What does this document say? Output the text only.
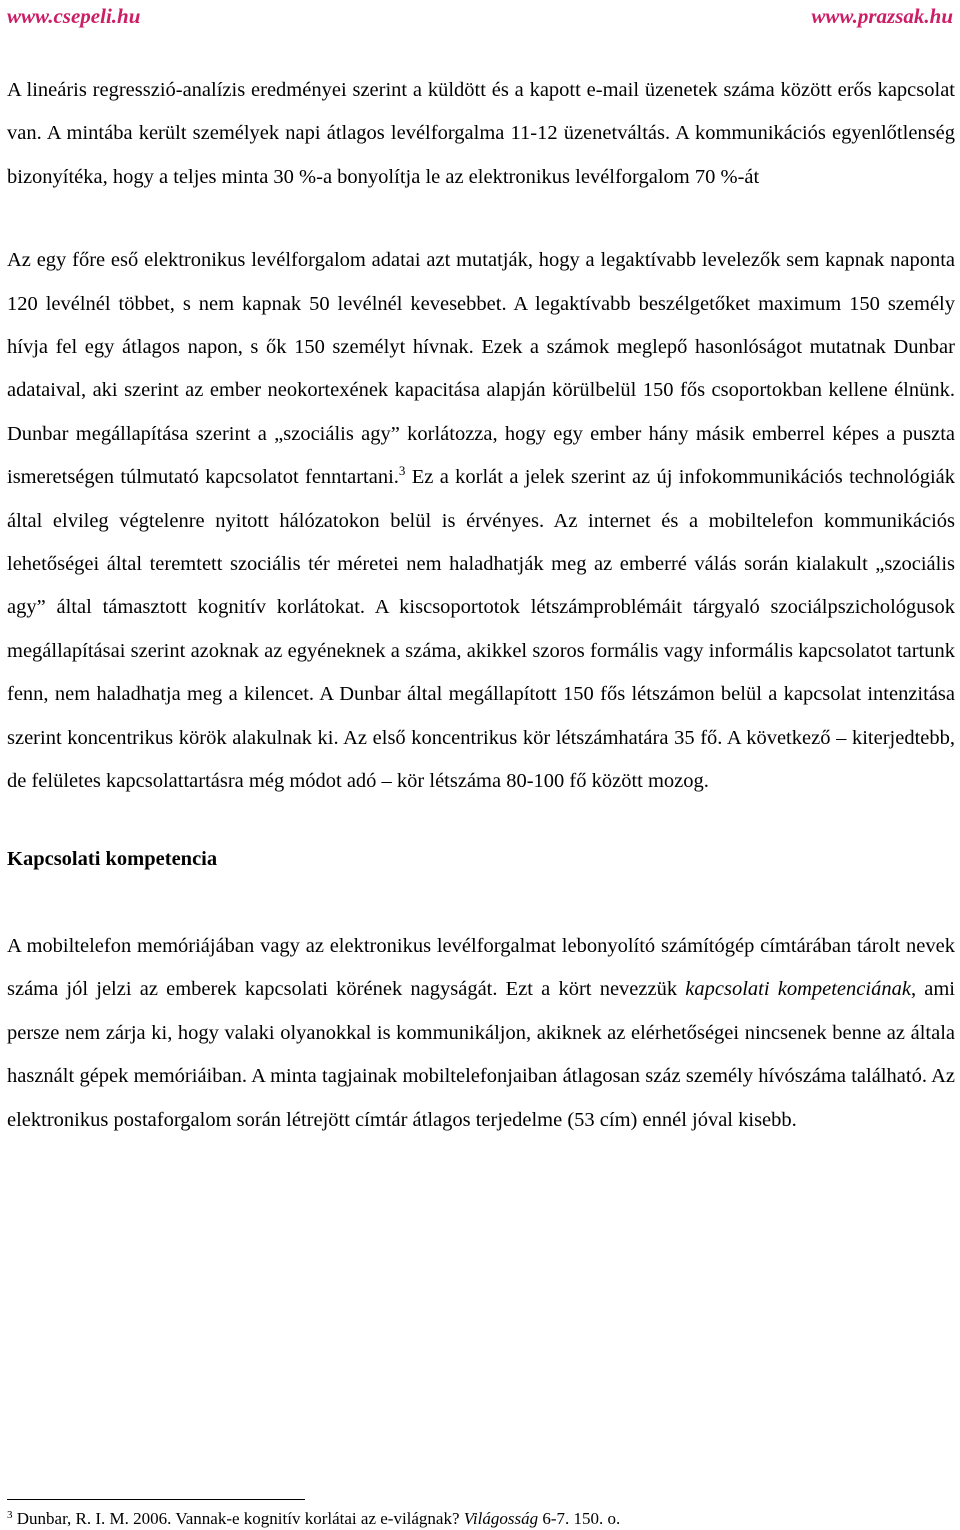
www.csepeli.hu	www.prazsak.hu

A lineáris regresszió-analízis eredményei szerint a küldött és a kapott e-mail üzenetek száma között erős kapcsolat van. A mintába került személyek napi átlagos levélforgalma 11-12 üzenetváltás. A kommunikációs egyenlőtlenség bizonyítéka, hogy a teljes minta 30 %-a bonyolítja le az elektronikus levélforgalom 70 %-át

Az egy főre eső elektronikus levélforgalom adatai azt mutatják, hogy a legaktívabb levelezők sem kapnak naponta 120 levélnél többet, s nem kapnak 50 levélnél kevesebbet. A legaktívabb beszélgetőket maximum 150 személy hívja fel egy átlagos napon, s ők 150 személyt hívnak. Ezek a számok meglepő hasonlóságot mutatnak Dunbar adataival, aki szerint az ember neokortexének kapacitása alapján körülbelül 150 fős csoportokban kellene élnünk. Dunbar megállapítása szerint a „szociális agy” korlátozza, hogy egy ember hány másik emberrel képes a puszta ismeretségen túlmutató kapcsolatot fenntartani.$^3$ Ez a korlát a jelek szerint az új infokommunikációs technológiák által elvileg végtelenre nyitott hálózatokon belül is érvényes. Az internet és a mobiltelefon kommunikációs lehetőségei által teremtett szociális tér méretei nem haladhatják meg az emberré válás során kialakult „szociális agy” által támasztott kognitív korlátokat. A kiscsoportotok létszámproblémáit tárgyaló szociálpszichológusok megállapításai szerint azoknak az egyéneknek a száma, akikkel szoros formális vagy informális kapcsolatot tartunk fenn, nem haladhatja meg a kilencet. A Dunbar által megállapított 150 fős létszámon belül a kapcsolat intenzitása szerint koncentrikus körök alakulnak ki. Az első koncentrikus kör létszámhatára 35 fő. A következő – kiterjedtebb, de felületes kapcsolattartásra még módot adó – kör létszáma 80-100 fő között mozog.

Kapcsolati kompetencia

A mobiltelefon memóriájában vagy az elektronikus levélforgalmat lebonyolító számítógép címtárában tárolt nevek száma jól jelzi az emberek kapcsolati körének nagyságát. Ezt a kört nevezzük kapcsolati kompetenciának, ami persze nem zárja ki, hogy valaki olyanokkal is kommunikáljon, akiknek az elérhetőségei nincsenek benne az általa használt gépek memóriáiban. A minta tagjainak mobiltelefonjaiban átlagosan száz személy hívószáma található. Az elektronikus postaforgalom során létrejött címtár átlagos terjedelme (53 cím) ennél jóval kisebb.

$^3$ Dunbar, R. I. M. 2006. Vannak-e kognitív korlátai az e-világnak? Világosság 6-7. 150. o.
